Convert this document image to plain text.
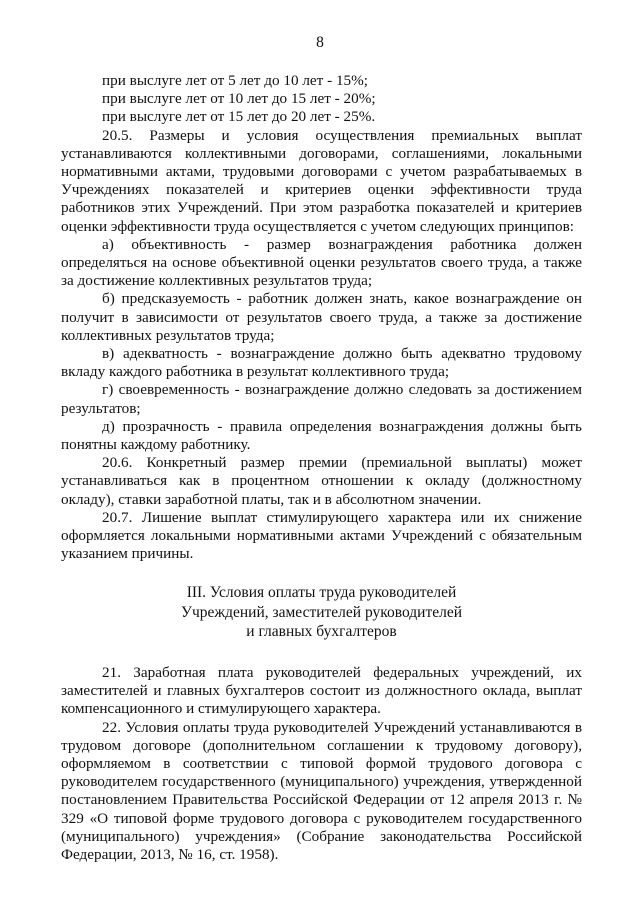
8

при выслуге лет от 5 лет до 10 лет - 15%;

при выслуге лет от 10 лет до 15 лет - 20%;

при выслуге лет от 15 лет до 20 лет - 25%.

20.5. Размеры и условия осуществления премиальных выплат устанавливаются коллективными договорами, соглашениями, локальными нормативными актами, трудовыми договорами с учетом разрабатываемых в Учреждениях показателей и критериев оценки эффективности труда работников этих Учреждений. При этом разработка показателей и критериев оценки эффективности труда осуществляется с учетом следующих принципов:

а) объективность - размер вознаграждения работника должен определяться на основе объективной оценки результатов своего труда, а также за достижение коллективных результатов труда;

б) предсказуемость - работник должен знать, какое вознаграждение он получит в зависимости от результатов своего труда, а также за достижение коллективных результатов труда;

в) адекватность - вознаграждение должно быть адекватно трудовому вкладу каждого работника в результат коллективного труда;

г) своевременность - вознаграждение должно следовать за достижением результатов;

д) прозрачность - правила определения вознаграждения должны быть понятны каждому работнику.

20.6. Конкретный размер премии (премиальной выплаты) может устанавливаться как в процентном отношении к окладу (должностному окладу), ставки заработной платы, так и в абсолютном значении.

20.7. Лишение выплат стимулирующего характера или их снижение оформляется локальными нормативными актами Учреждений с обязательным указанием причины.

III. Условия оплаты труда руководителей
Учреждений, заместителей руководителей
и главных бухгалтеров

21. Заработная плата руководителей федеральных учреждений, их заместителей и главных бухгалтеров состоит из должностного оклада, выплат компенсационного и стимулирующего характера.

22. Условия оплаты труда руководителей Учреждений устанавливаются в трудовом договоре (дополнительном соглашении к трудовому договору), оформляемом в соответствии с типовой формой трудового договора с руководителем государственного (муниципального) учреждения, утвержденной постановлением Правительства Российской Федерации от 12 апреля 2013 г. № 329 «О типовой форме трудового договора с руководителем государственного (муниципального) учреждения» (Собрание законодательства Российской Федерации, 2013, № 16, ст. 1958).
